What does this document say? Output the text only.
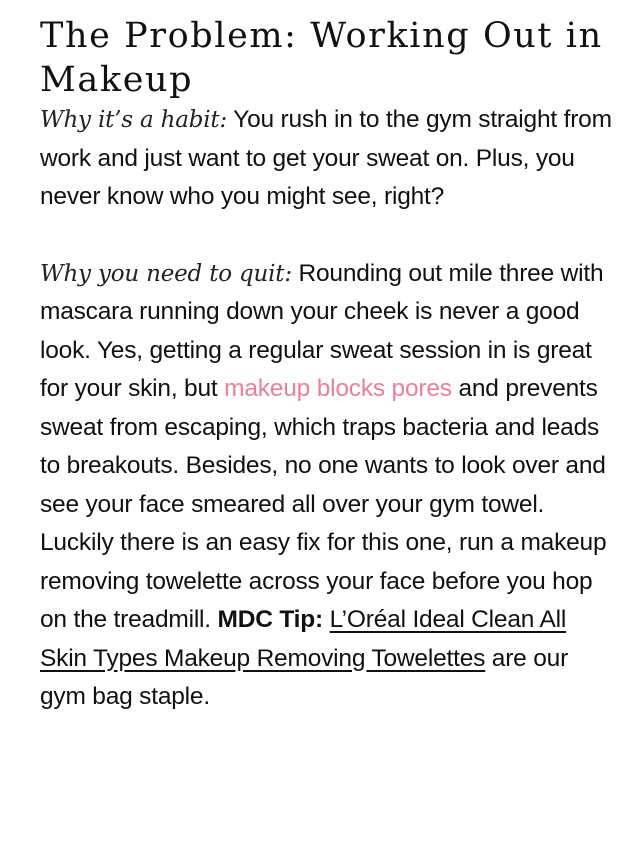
The Problem: Working Out in Makeup

Why it’s a habit: You rush in to the gym straight from work and just want to get your sweat on. Plus, you never know who you might see, right?

Why you need to quit: Rounding out mile three with mascara running down your cheek is never a good look. Yes, getting a regular sweat session in is great for your skin, but makeup blocks pores and prevents sweat from escaping, which traps bacteria and leads to breakouts. Besides, no one wants to look over and see your face smeared all over your gym towel. Luckily there is an easy fix for this one, run a makeup removing towelette across your face before you hop on the treadmill. MDC Tip: L’Oréal Ideal Clean All Skin Types Makeup Removing Towelettes are our gym bag staple.
